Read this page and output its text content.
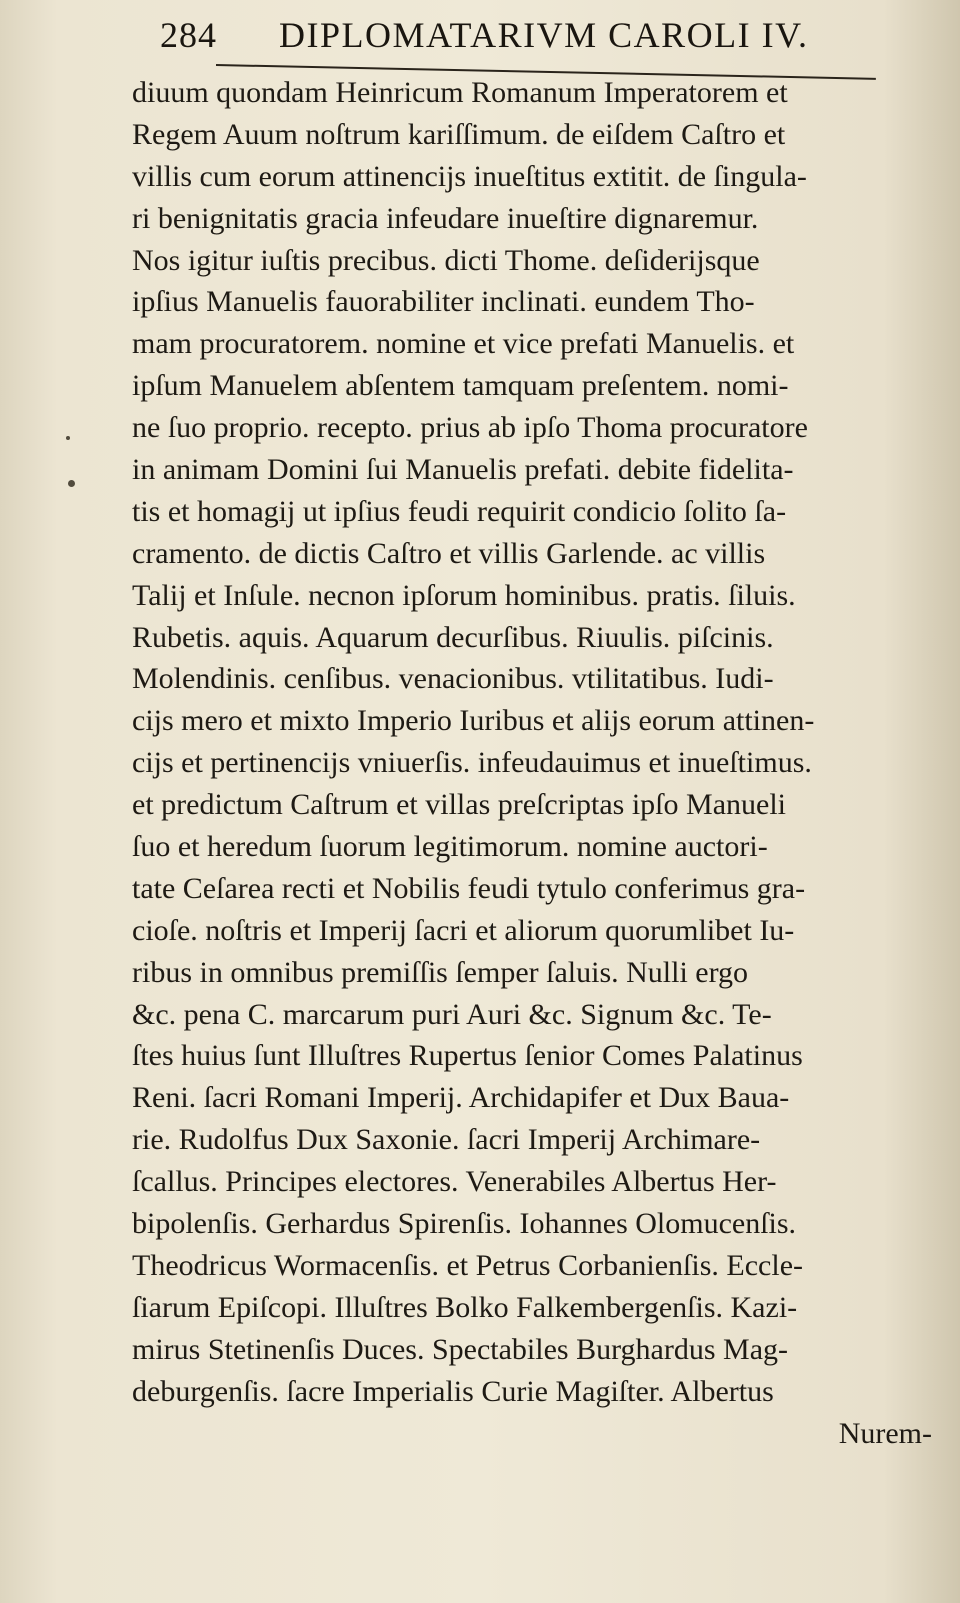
284 DIPLOMATARIVM CAROLI IV.
diuum quondam Heinricum Romanum Imperatorem et
Regem Auum noſtrum kariſſimum. de eiſdem Caſtro et
villis cum eorum attinencijs inueſtitus extitit. de ſingula-
ri benignitatis gracia infeudare inueſtire dignaremur.
Nos igitur iuſtis precibus. dicti Thome. deſiderijsque
ipſius Manuelis fauorabiliter inclinati. eundem Tho-
mam procuratorem. nomine et vice prefati Manuelis. et
ipſum Manuelem abſentem tamquam preſentem. nomi-
ne ſuo proprio. recepto. prius ab ipſo Thoma procuratore
in animam Domini ſui Manuelis prefati. debite fidelita-
tis et homagij ut ipſius feudi requirit condicio ſolito ſa-
cramento. de dictis Caſtro et villis Garlende. ac villis
Talij et Inſule. necnon ipſorum hominibus. pratis. ſiluis.
Rubetis. aquis. Aquarum decurſibus. Riuulis. piſcinis.
Molendinis. cenſibus. venacionibus. vtilitatibus. Iudi-
cijs mero et mixto Imperio Iuribus et alijs eorum attinen-
cijs et pertinencijs vniuerſis. infeudauimus et inueſtimus.
et predictum Caſtrum et villas preſcriptas ipſo Manueli
ſuo et heredum ſuorum legitimorum. nomine auctori-
tate Ceſarea recti et Nobilis feudi tytulo conferimus gra-
cioſe. noſtris et Imperij ſacri et aliorum quorumlibet Iu-
ribus in omnibus premiſſis ſemper ſaluis. Nulli ergo
&c. pena C. marcarum puri Auri &c. Signum &c. Te-
ſtes huius ſunt Illuſtres Rupertus ſenior Comes Palatinus
Reni. ſacri Romani Imperij. Archidapifer et Dux Bauа-
rie. Rudolfus Dux Saxonie. ſacri Imperij Archimare-
ſcallus. Principes electores. Venerabiles Albertus Her-
bipolenſis. Gerhardus Spirenſis. Iohannes Olomucenſis.
Theodricus Wormacenſis. et Petrus Corbanienſis. Eccle-
ſiarum Epiſcopi. Illuſtres Bolko Falkembergenſis. Kazi-
mirus Stetinenſis Duces. Spectabiles Burghardus Mag-
deburgenſis. ſacre Imperialis Curie Magiſter. Albertus
Nurem-
